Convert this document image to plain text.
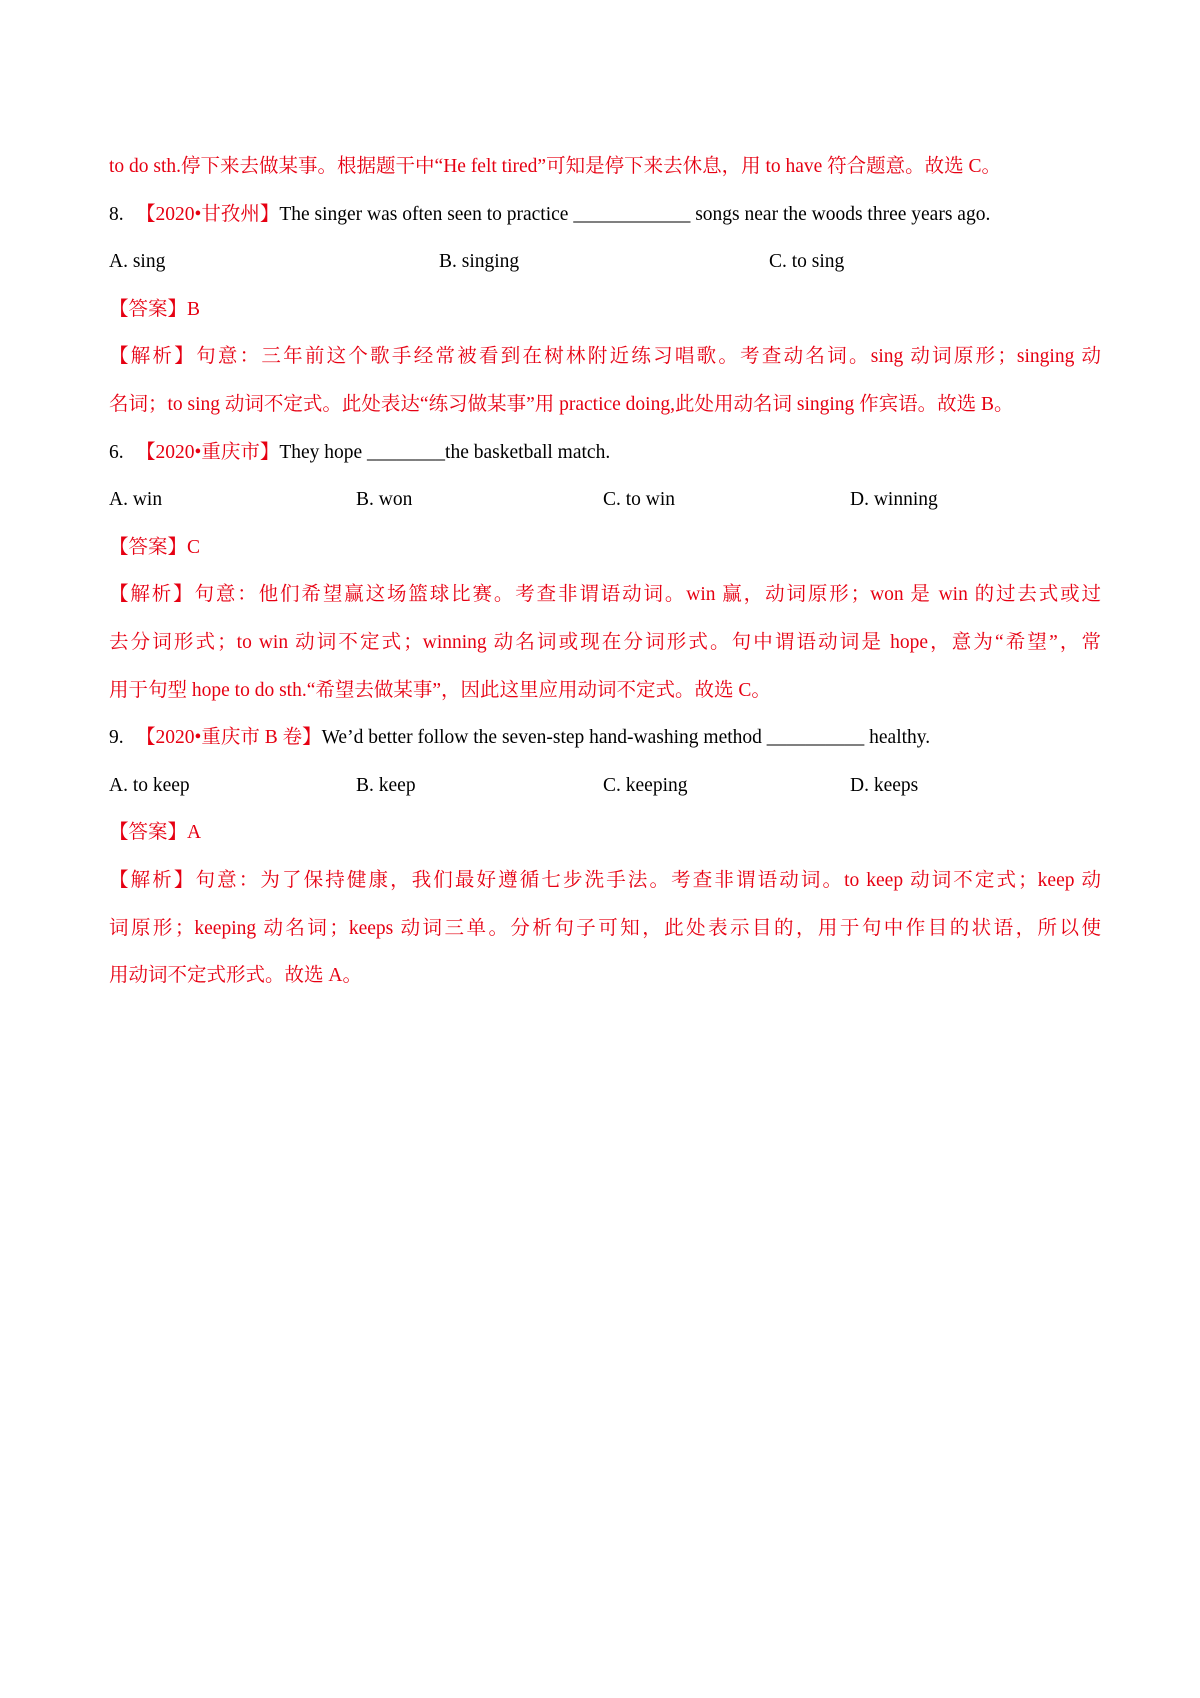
to do sth.停下来去做某事。根据题干中“He felt tired”可知是停下来去休息，用 to have 符合题意。故选 C。
8. 【2020•甘孜州】The singer was often seen to practice ____________ songs near the woods three years ago.
A. sing	B. singing	C. to sing
【答案】B
【解析】句意：三年前这个歌手经常被看到在树林附近练习唱歌。考查动名词。sing 动词原形；singing 动
名词；to sing 动词不定式。此处表达“练习做某事”用 practice doing,此处用动名词 singing 作宾语。故选 B。
6. 【2020•重庆市】They hope ________the basketball match.
A. win	B. won	C. to win	D. winning
【答案】C
【解析】句意：他们希望赢这场篮球比赛。考查非谓语动词。win 赢，动词原形；won 是 win 的过去式或过
去分词形式；to win 动词不定式；winning 动名词或现在分词形式。句中谓语动词是 hope，意为“希望”，常
用于句型 hope to do sth.“希望去做某事”，因此这里应用动词不定式。故选 C。
9. 【2020•重庆市 B 卷】We’d better follow the seven-step hand-washing method __________ healthy.
A. to keep	B. keep	C. keeping	D. keeps
【答案】A
【解析】句意：为了保持健康，我们最好遵循七步洗手法。考查非谓语动词。to keep 动词不定式；keep 动
词原形；keeping 动名词；keeps 动词三单。分析句子可知，此处表示目的，用于句中作目的状语，所以使
用动词不定式形式。故选 A。
